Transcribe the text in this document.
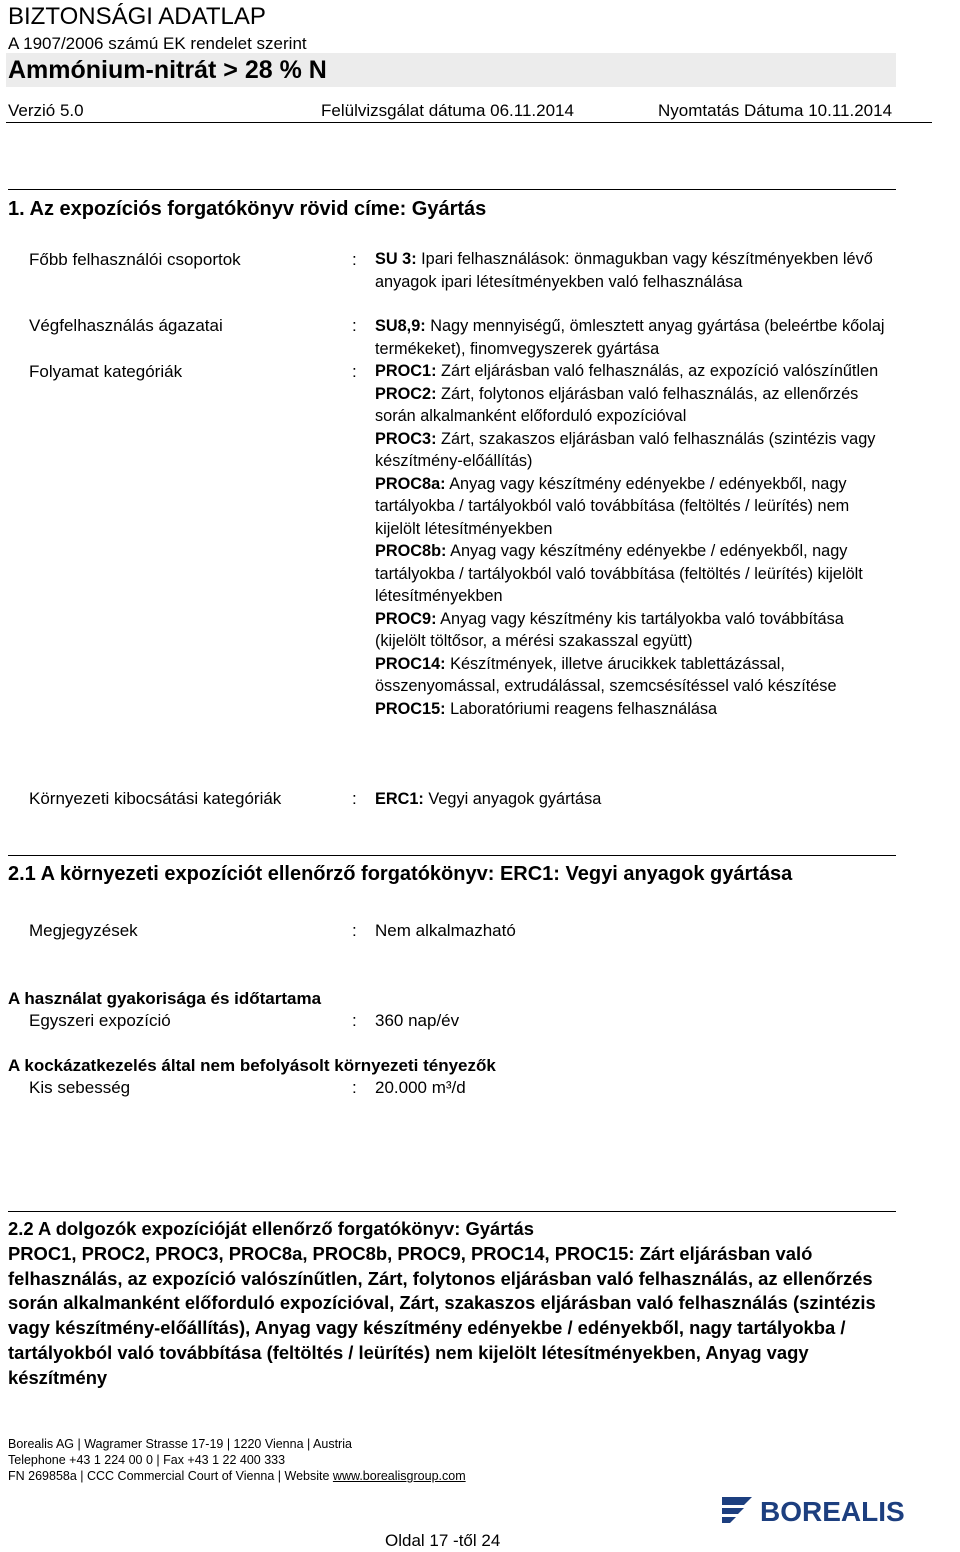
BIZTONSÁGI ADATLAP
A 1907/2006 számú EK rendelet szerint
Ammónium-nitrát > 28 % N
Verzió 5.0	Felülvizsgálat dátuma 06.11.2014	Nyomtatás Dátuma 10.11.2014
1. Az expozíciós forgatókönyv rövid címe: Gyártás
Főbb felhasználói csoportok	: SU 3: Ipari felhasználások: önmagukban vagy készítményekben lévő anyagok ipari létesítményekben való felhasználása
Végfelhasználás ágazatai	: SU8,9: Nagy mennyiségű, ömlesztett anyag gyártása (beleértbe kőolaj termékeket), finomvegyszerek gyártása
Folyamat kategóriák	: PROC1: Zárt eljárásban való felhasználás, az expozíció valószínűtlen
PROC2: Zárt, folytonos eljárásban való felhasználás, az ellenőrzés során alkalmanként előforduló expozícióval
PROC3: Zárt, szakaszos eljárásban való felhasználás (szintézis vagy készítmény-előállítás)
PROC8a: Anyag vagy készítmény edényekbe / edényekből, nagy tartályokba / tartályokból való továbbítása (feltöltés / leürítés) nem kijelölt létesítményekben
PROC8b: Anyag vagy készítmény edényekbe / edényekből, nagy tartályokba / tartályokból való továbbítása (feltöltés / leürítés) kijelölt létesítményekben
PROC9: Anyag vagy készítmény kis tartályokba való továbbítása (kijelölt töltősor, a mérési szakasszal együtt)
PROC14: Készítmények, illetve árucikkek tablettázással, összenyomással, extrudálással, szemcsésítéssel való készítése
PROC15: Laboratóriumi reagens felhasználása
Környezeti kibocsátási kategóriák	: ERC1: Vegyi anyagok gyártása
2.1 A környezeti expozíciót ellenőrző forgatókönyv: ERC1: Vegyi anyagok gyártása
Megjegyzések	: Nem alkalmazható
A használat gyakorisága és időtartama
Egyszeri expozíció	: 360 nap/év
A kockázatkezelés által nem befolyásolt környezeti tényezők
Kis sebesség	: 20.000 m³/d
2.2 A dolgozók expozícióját ellenőrző forgatókönyv: Gyártás
PROC1, PROC2, PROC3, PROC8a, PROC8b, PROC9, PROC14, PROC15: Zárt eljárásban való felhasználás, az expozíció valószínűtlen, Zárt, folytonos eljárásban való felhasználás, az ellenőrzés során alkalmanként előforduló expozícióval, Zárt, szakaszos eljárásban való felhasználás (szintézis vagy készítmény-előállítás), Anyag vagy készítmény edényekbe / edényekből, nagy tartályokba / tartályokból való továbbítása (feltöltés / leürítés) nem kijelölt létesítményekben, Anyag vagy készítmény
Borealis AG | Wagramer Strasse 17-19 | 1220 Vienna | Austria
Telephone +43 1 224 00 0 | Fax +43 1 22 400 333
FN 269858a | CCC Commercial Court of Vienna | Website www.borealisgroup.com
BOREALIS
Oldal 17 -től 24
